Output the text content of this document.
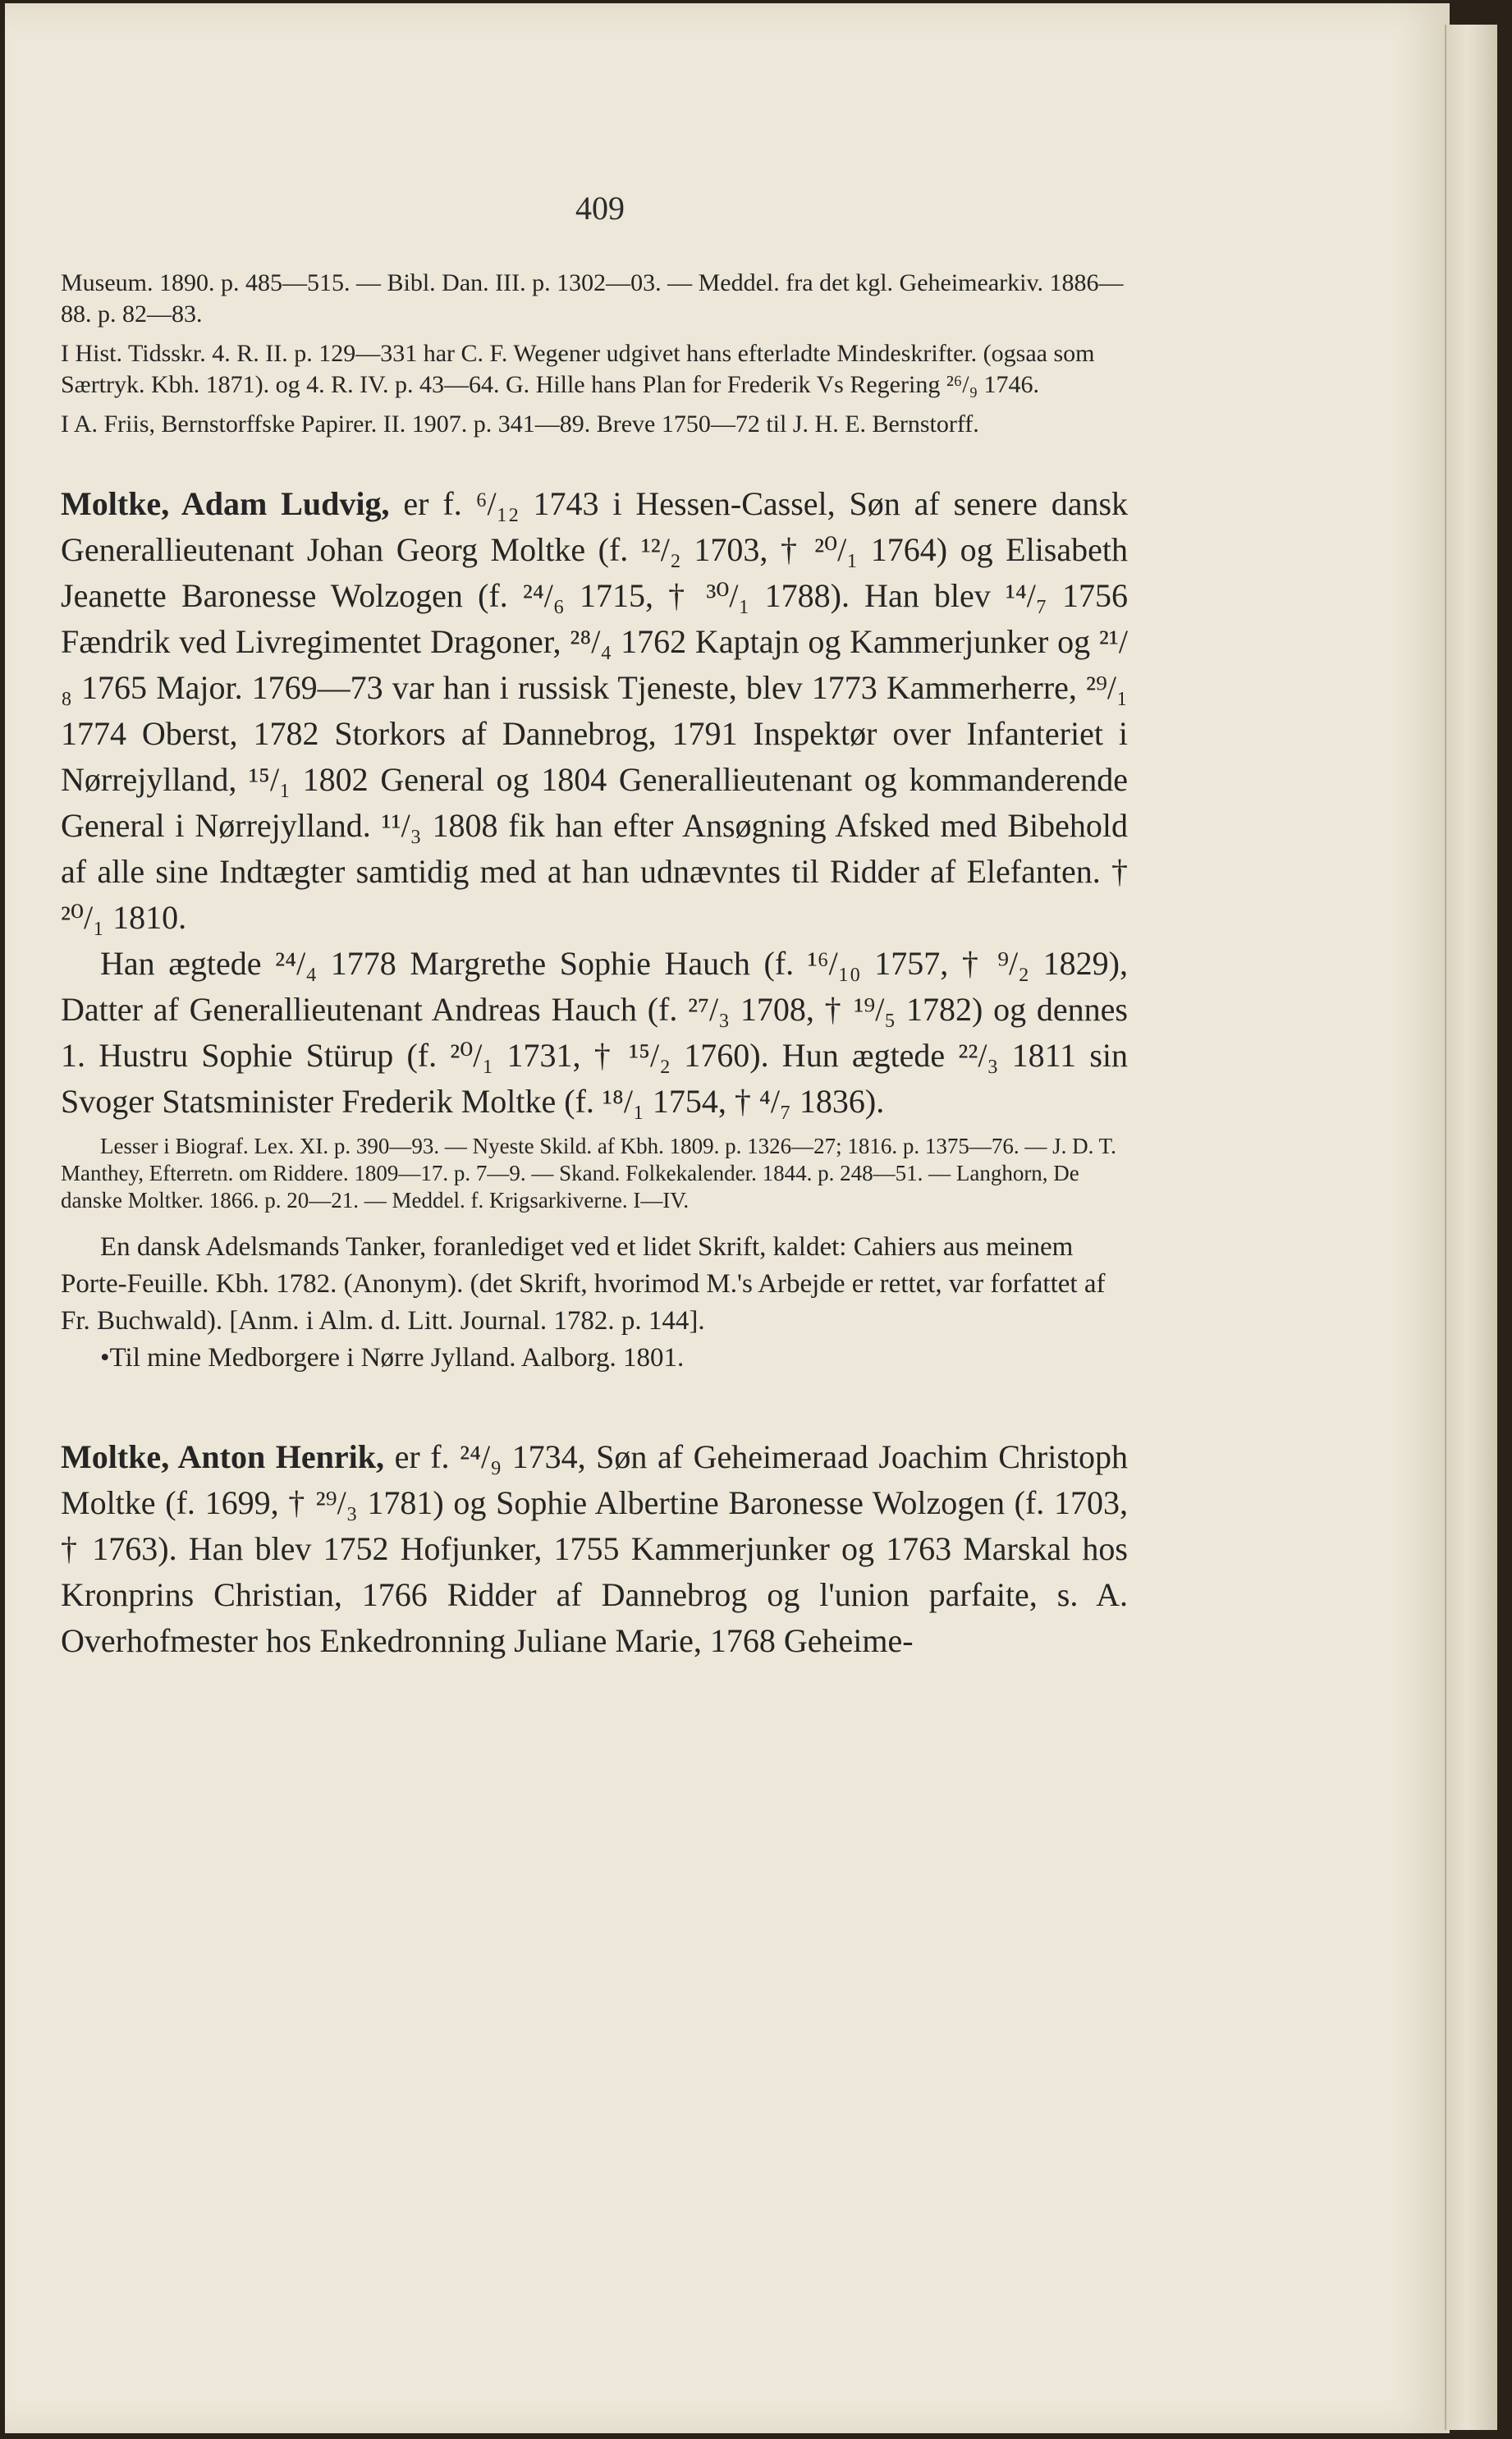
409

Museum. 1890. p. 485—515. — Bibl. Dan. III. p. 1302—03. — Meddel. fra det kgl. Geheimearkiv. 1886—88. p. 82—83.

I Hist. Tidsskr. 4. R. II. p. 129—331 har C. F. Wegener udgivet hans efterladte Mindeskrifter. (ogsaa som Særtryk. Kbh. 1871). og 4. R. IV. p. 43—64. G. Hille hans Plan for Frederik Vs Regering ²⁶/₉ 1746.

I A. Friis, Bernstorffske Papirer. II. 1907. p. 341—89. Breve 1750—72 til J. H. E. Bernstorff.

Moltke, Adam Ludvig, er f. ⁶/₁₂ 1743 i Hessen-Cassel, Søn af senere dansk Generallieutenant Johan Georg Moltke (f. ¹²/₂ 1703, † ²⁰/₁ 1764) og Elisabeth Jeanette Baronesse Wolzogen (f. ²⁴/₆ 1715, † ³⁰/₁ 1788). Han blev ¹⁴/₇ 1756 Fændrik ved Livregimentet Dragoner, ²⁸/₄ 1762 Kaptajn og Kammerjunker og ²¹/₈ 1765 Major. 1769—73 var han i russisk Tjeneste, blev 1773 Kammerherre, ²⁹/₁ 1774 Oberst, 1782 Storkors af Dannebrog, 1791 Inspektør over Infanteriet i Nørrejylland, ¹⁵/₁ 1802 General og 1804 Generallieutenant og kommanderende General i Nørrejylland. ¹¹/₃ 1808 fik han efter Ansøgning Afsked med Bibehold af alle sine Indtægter samtidig med at han udnævntes til Ridder af Elefanten. † ²⁰/₁ 1810.

Han ægtede ²⁴/₄ 1778 Margrethe Sophie Hauch (f. ¹⁶/₁₀ 1757, † ⁹/₂ 1829), Datter af Generallieutenant Andreas Hauch (f. ²⁷/₃ 1708, † ¹⁹/₅ 1782) og dennes 1. Hustru Sophie Stürup (f. ²⁰/₁ 1731, † ¹⁵/₂ 1760). Hun ægtede ²²/₃ 1811 sin Svoger Statsminister Frederik Moltke (f. ¹⁸/₁ 1754, † ⁴/₇ 1836).

Lesser i Biograf. Lex. XI. p. 390—93. — Nyeste Skild. af Kbh. 1809. p. 1326—27; 1816. p. 1375—76. — J. D. T. Manthey, Efterretn. om Riddere. 1809—17. p. 7—9. — Skand. Folkekalender. 1844. p. 248—51. — Langhorn, De danske Moltker. 1866. p. 20—21. — Meddel. f. Krigsarkiverne. I—IV.

En dansk Adelsmands Tanker, foranlediget ved et lidet Skrift, kaldet: Cahiers aus meinem Porte-Feuille. Kbh. 1782. (Anonym). (det Skrift, hvorimod M.'s Arbejde er rettet, var forfattet af Fr. Buchwald). [Anm. i Alm. d. Litt. Journal. 1782. p. 144].

•Til mine Medborgere i Nørre Jylland. Aalborg. 1801.

Moltke, Anton Henrik, er f. ²⁴/₉ 1734, Søn af Geheimeraad Joachim Christoph Moltke (f. 1699, † ²⁹/₃ 1781) og Sophie Albertine Baronesse Wolzogen (f. 1703, † 1763). Han blev 1752 Hofjunker, 1755 Kammerjunker og 1763 Marskal hos Kronprins Christian, 1766 Ridder af Dannebrog og l'union parfaite, s. A. Overhofmester hos Enkedronning Juliane Marie, 1768 Geheime-
